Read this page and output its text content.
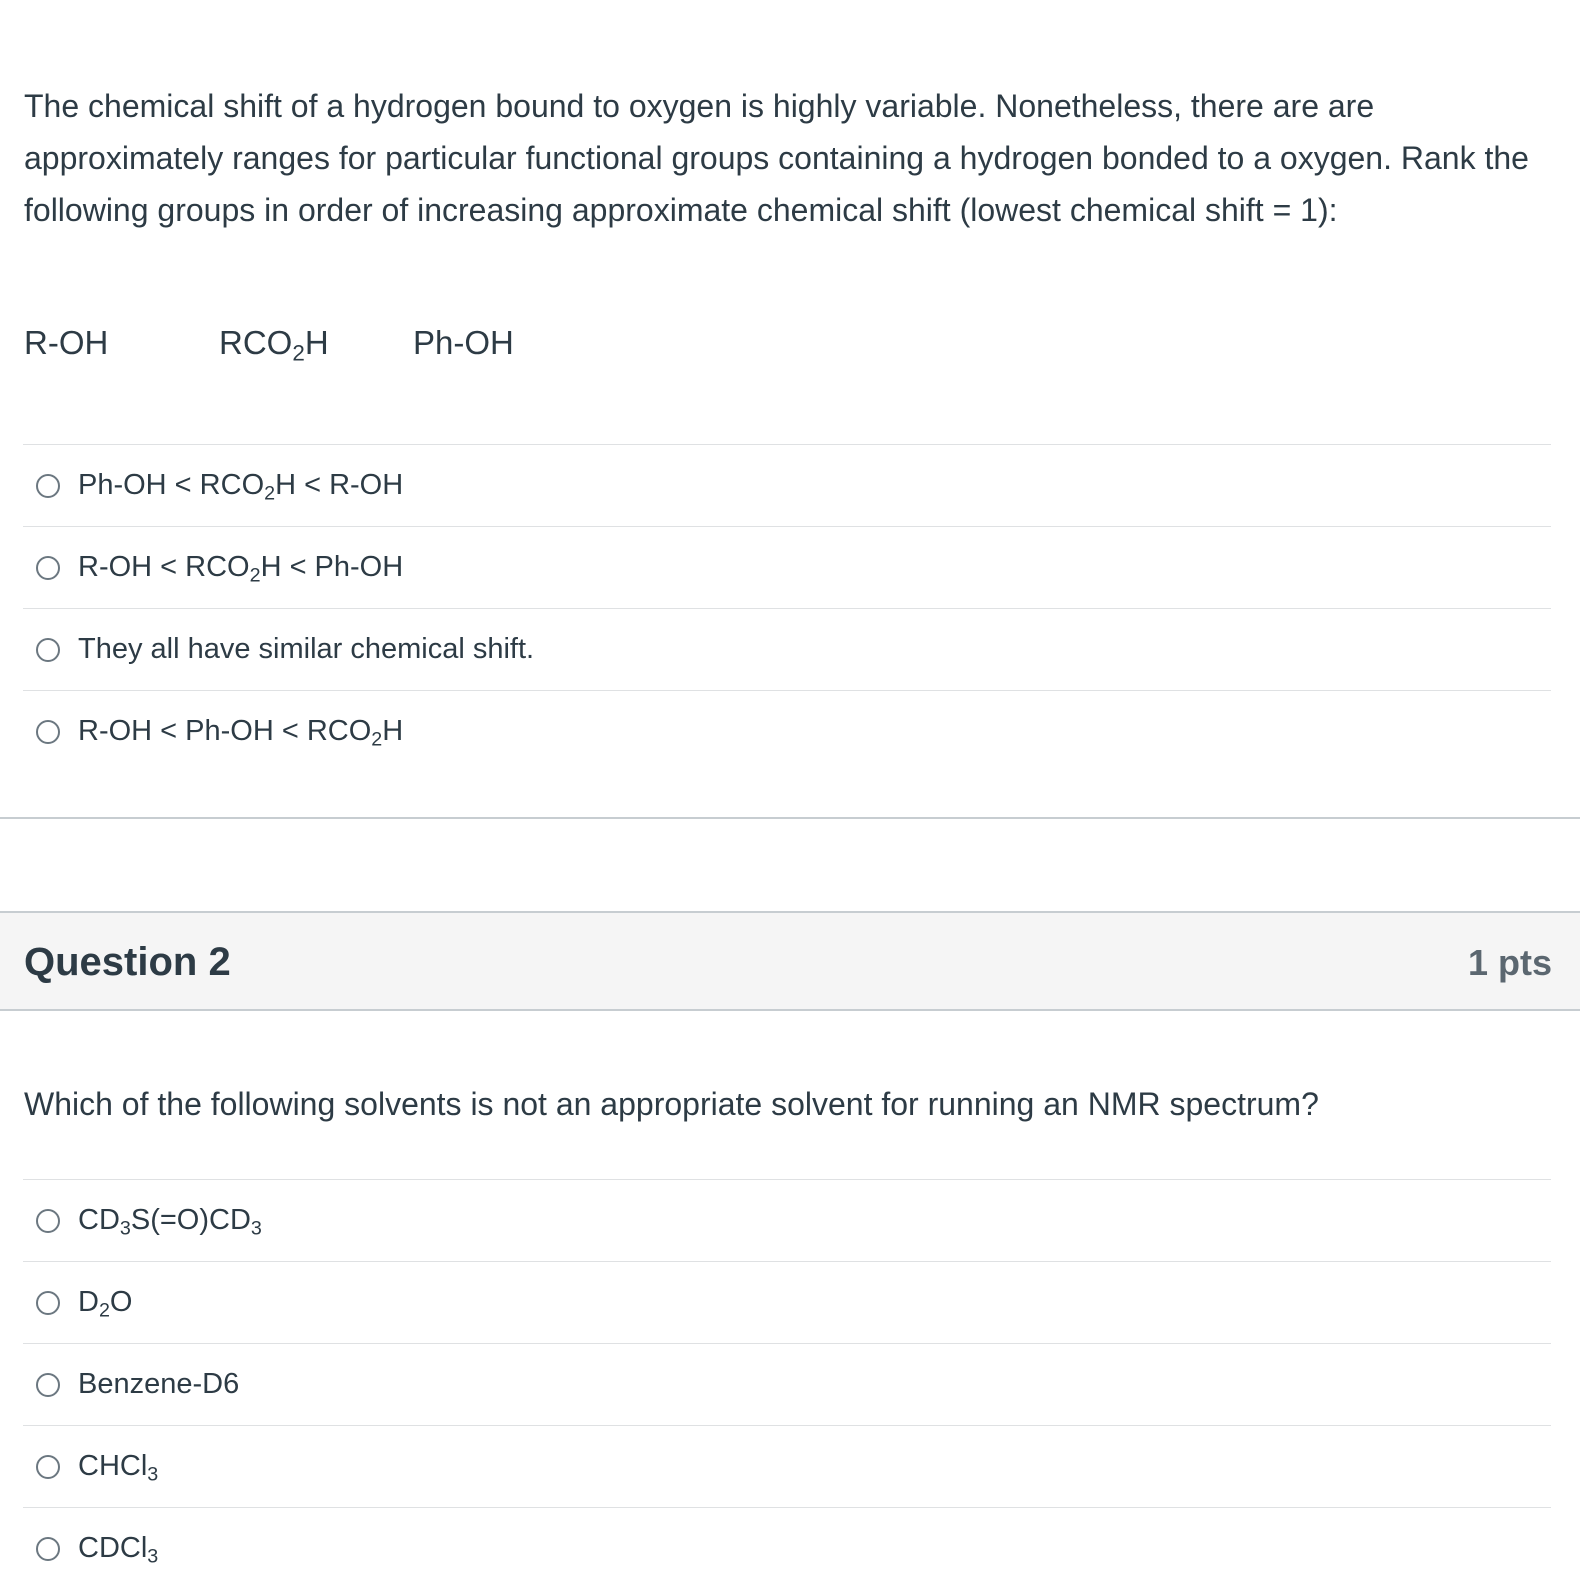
The chemical shift of a hydrogen bound to oxygen is highly variable. Nonetheless, there are are approximately ranges for particular functional groups containing a hydrogen bonded to a oxygen. Rank the following groups in order of increasing approximate chemical shift (lowest chemical shift = 1):

R-OH	$RCO_2H$	Ph-OH
$Ph-OH < RCO_2H < R-OH$
$R-OH < RCO_2H < Ph-OH$
They all have similar chemical shift.
$R-OH < Ph-OH < RCO_2H$
Question 2	1 pts

Which of the following solvents is not an appropriate solvent for running an NMR spectrum?

$CD_3S(=O)CD_3$
$D_2O$
Benzene-D6
CHCl$_3$
CDCl$_3$
